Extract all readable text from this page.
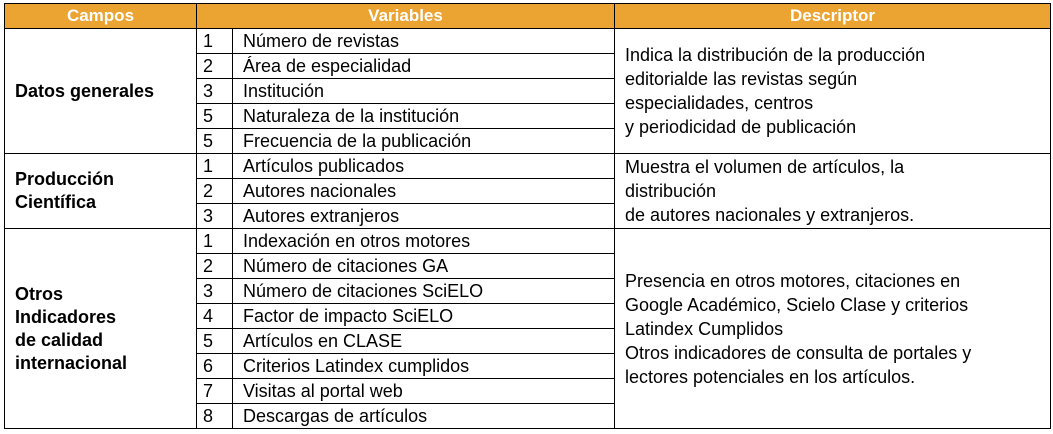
Campos	Variables		Descriptor

Datos generales	1	Número de revistas	Indica la distribución de la producción
editorialde las revistas según
especialidades, centros
y periodicidad de publicación

	2	Área de especialidad	
	3	Institución	
	5	Naturaleza de la institución	
	5	Frecuencia de la publicación	

Producción
Científica	1	Artículos publicados	Muestra el volumen de artículos, la
distribución
de autores nacionales y extranjeros.

	2	Autores nacionales	
	3	Autores extranjeros	

Otros
Indicadores
de calidad
internacional	1	Indexación en otros motores	Presencia en otros motores, citaciones en
Google Académico, Scielo Clase y criterios
Latindex Cumplidos
Otros indicadores de consulta de portales y
lectores potenciales en los artículos.

	2	Número de citaciones GA	
	3	Número de citaciones SciELO	
	4	Factor de impacto SciELO	
	5	Artículos en CLASE	
	6	Criterios Latindex cumplidos	
	7	Visitas al portal web	
	8	Descargas de artículos	
